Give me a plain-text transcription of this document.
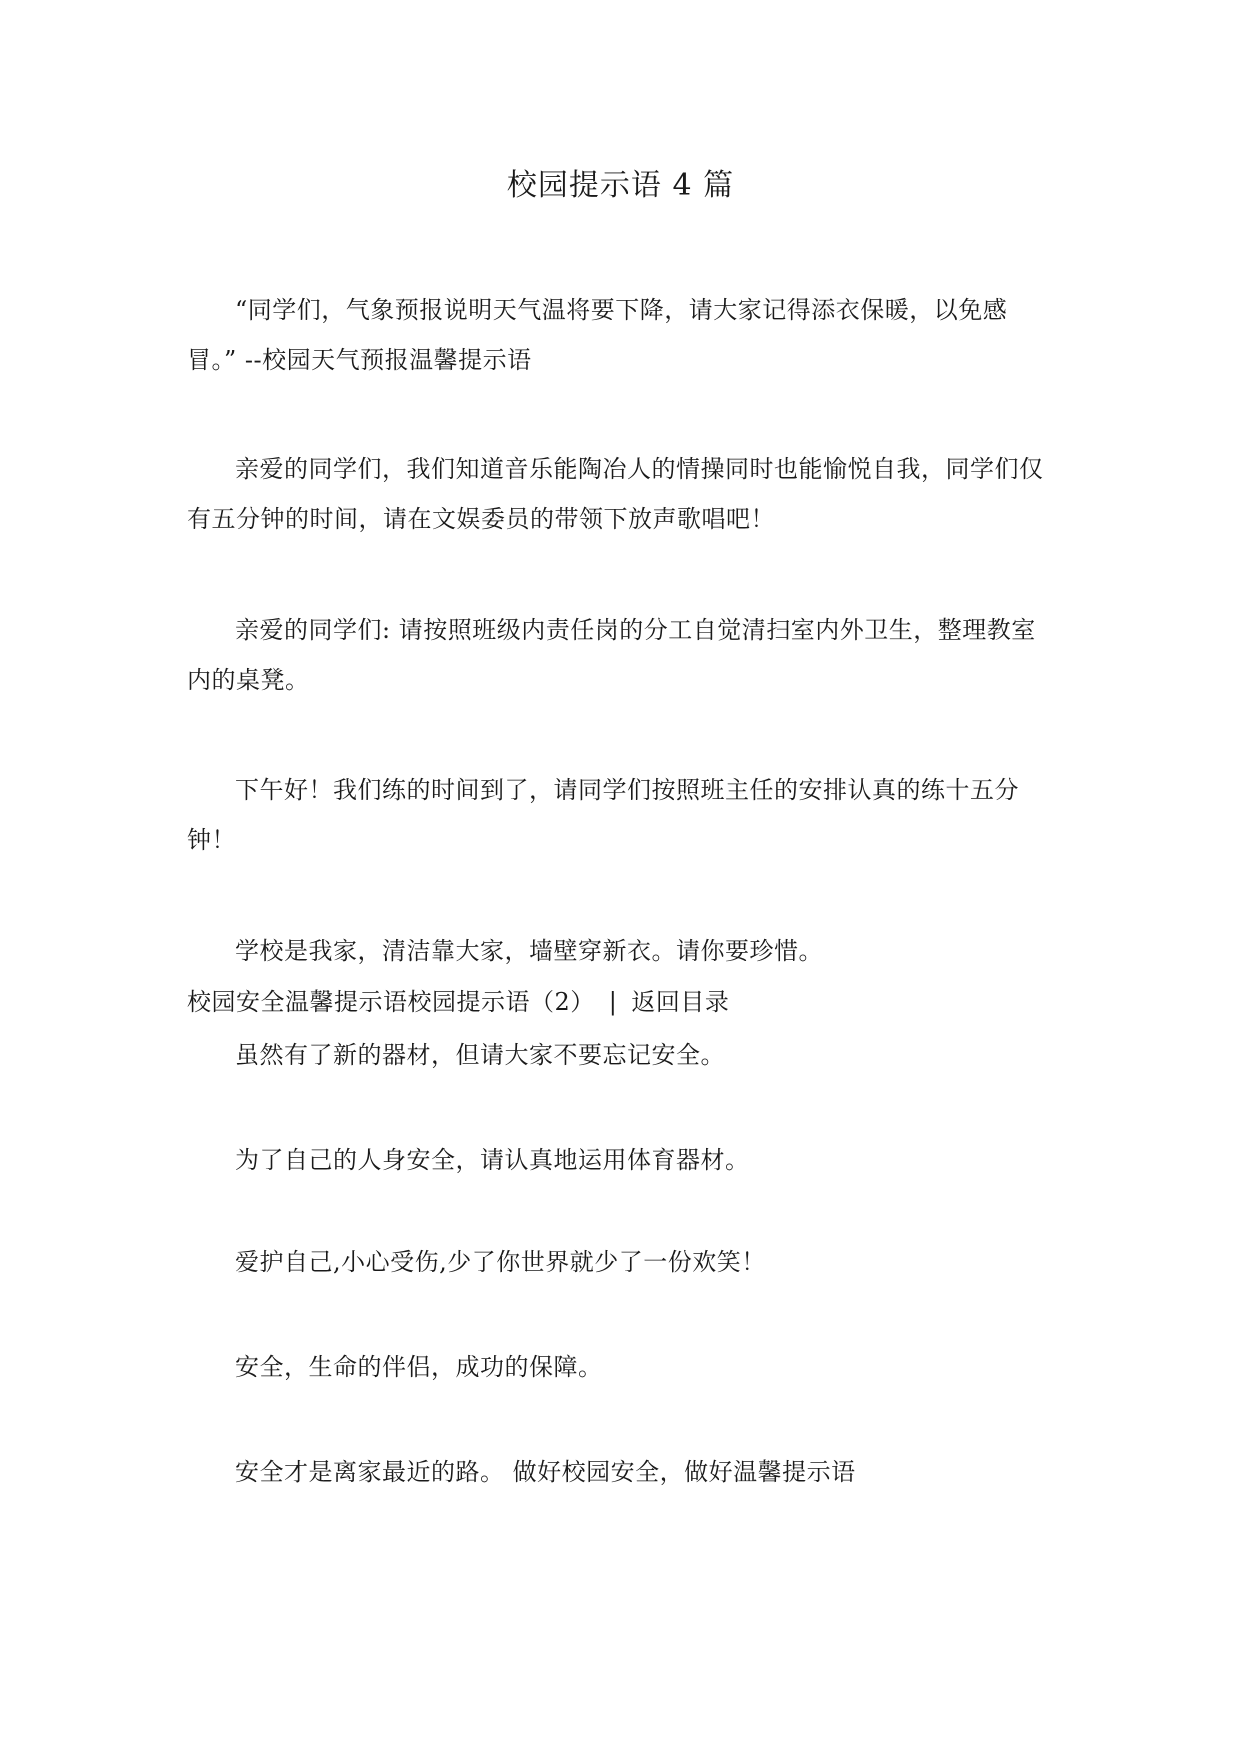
校园提示语 4 篇

“同学们，气象预报说明天气温将要下降，请大家记得添衣保暖，以免感冒。” --校园天气预报温馨提示语

亲爱的同学们，我们知道音乐能陶冶人的情操同时也能愉悦自我，同学们仅有五分钟的时间，请在文娱委员的带领下放声歌唱吧！

亲爱的同学们: 请按照班级内责任岗的分工自觉清扫室内外卫生，整理教室内的桌凳。

下午好！我们练的时间到了，请同学们按照班主任的安排认真的练十五分钟！

学校是我家，清洁靠大家，墙壁穿新衣。请你要珍惜。

校园安全温馨提示语校园提示语（2） | 返回目录

虽然有了新的器材，但请大家不要忘记安全。

为了自己的人身安全，请认真地运用体育器材。

爱护自己,小心受伤,少了你世界就少了一份欢笑！

安全，生命的伴侣，成功的保障。

安全才是离家最近的路。 做好校园安全，做好温馨提示语
